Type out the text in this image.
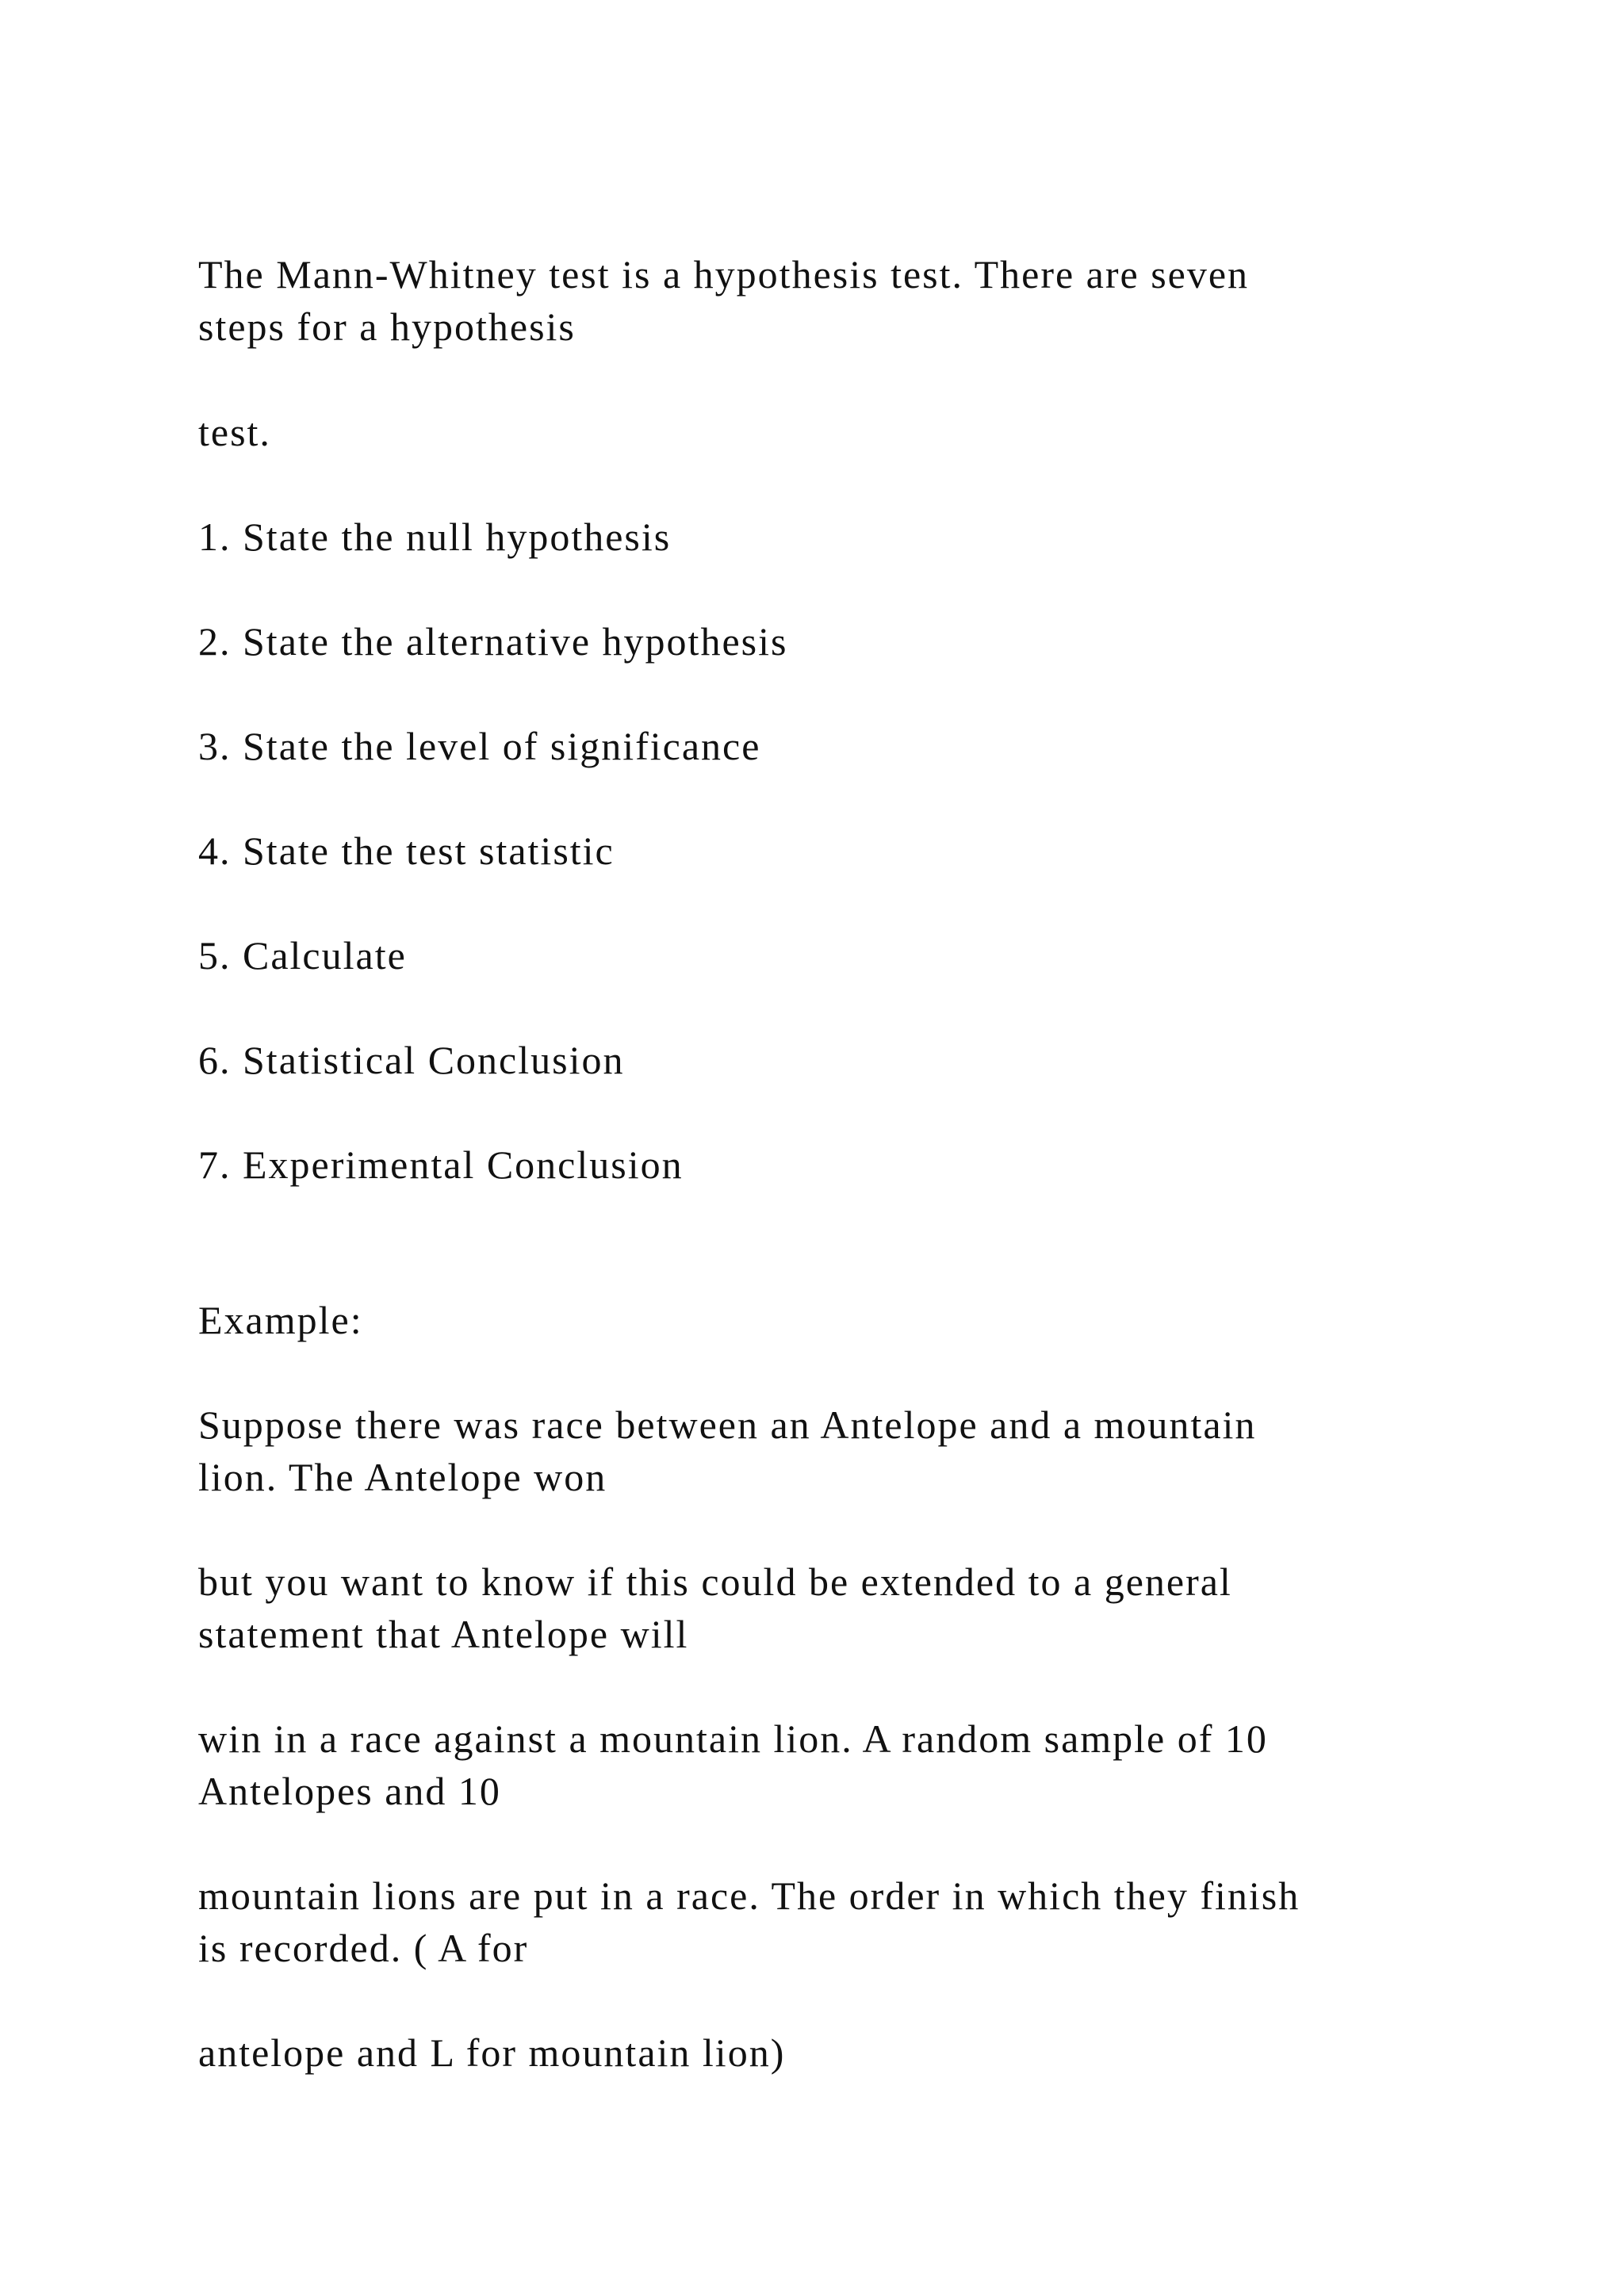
The Mann-Whitney test is a hypothesis test. There are seven
steps for a hypothesis

test.

1. State the null hypothesis

2. State the alternative hypothesis

3. State the level of significance

4. State the test statistic

5. Calculate

6. Statistical Conclusion

7. Experimental Conclusion

Example:

Suppose there was race between an Antelope and a mountain
lion. The Antelope won

but you want to know if this could be extended to a general
statement that Antelope will

win in a race against a mountain lion. A random sample of 10
Antelopes and 10

mountain lions are put in a race. The order in which they finish
is recorded. ( A for

antelope and L for mountain lion)
